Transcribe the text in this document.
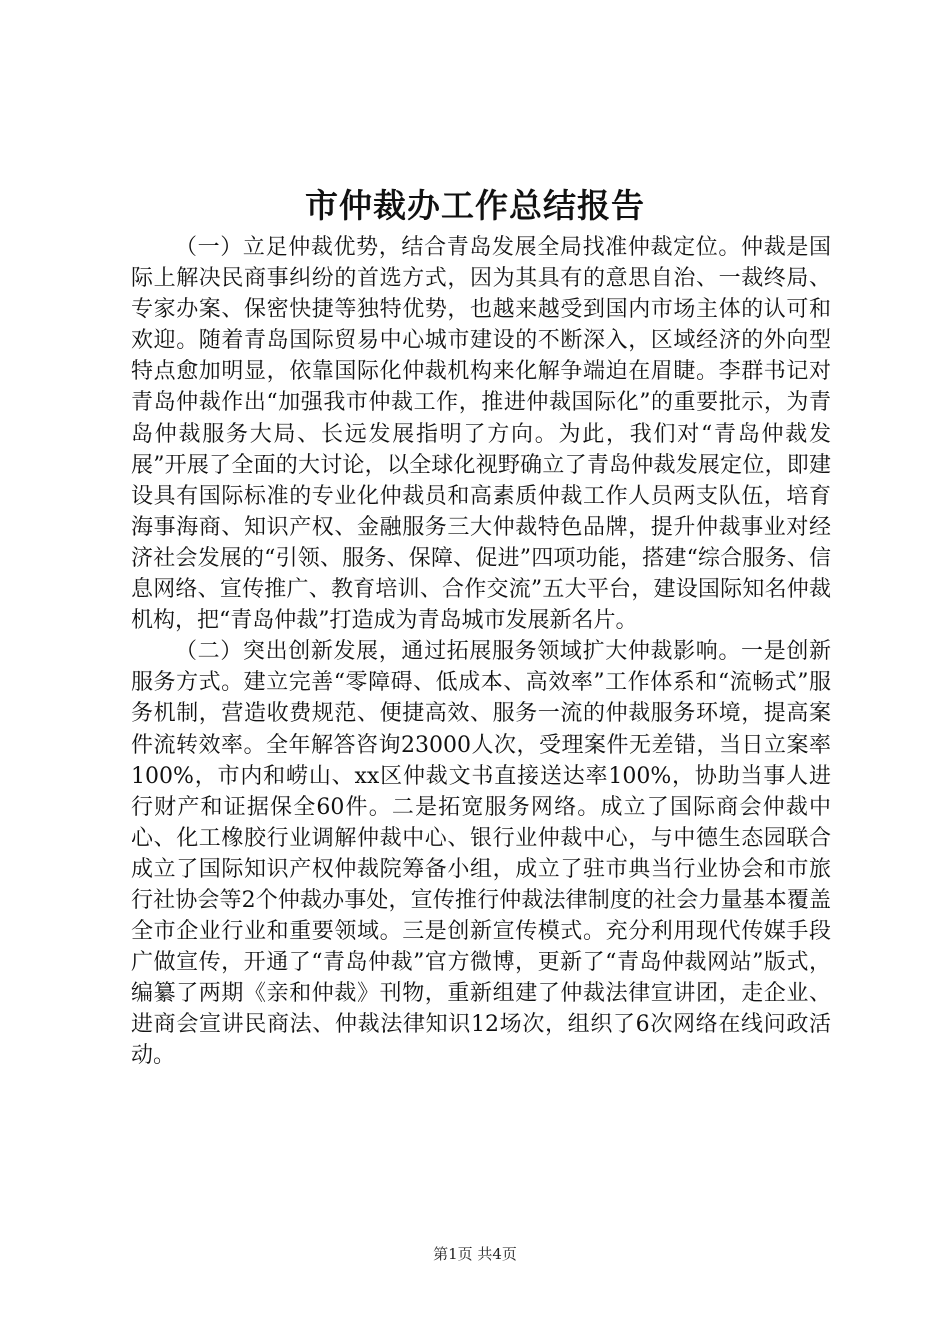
市仲裁办工作总结报告

（一）立足仲裁优势，结合青岛发展全局找准仲裁定位。仲裁是国际上解决民商事纠纷的首选方式，因为其具有的意思自治、一裁终局、专家办案、保密快捷等独特优势，也越来越受到国内市场主体的认可和欢迎。随着青岛国际贸易中心城市建设的不断深入，区域经济的外向型特点愈加明显，依靠国际化仲裁机构来化解争端迫在眉睫。李群书记对青岛仲裁作出“加强我市仲裁工作，推进仲裁国际化”的重要批示，为青岛仲裁服务大局、长远发展指明了方向。为此，我们对“青岛仲裁发展”开展了全面的大讨论，以全球化视野确立了青岛仲裁发展定位，即建设具有国际标准的专业化仲裁员和高素质仲裁工作人员两支队伍，培育海事海商、知识产权、金融服务三大仲裁特色品牌，提升仲裁事业对经济社会发展的“引领、服务、保障、促进”四项功能，搭建“综合服务、信息网络、宣传推广、教育培训、合作交流”五大平台，建设国际知名仲裁机构，把“青岛仲裁”打造成为青岛城市发展新名片。

（二）突出创新发展，通过拓展服务领域扩大仲裁影响。一是创新服务方式。建立完善“零障碍、低成本、高效率”工作体系和“流畅式”服务机制，营造收费规范、便捷高效、服务一流的仲裁服务环境，提高案件流转效率。全年解答咨询23000人次，受理案件无差错，当日立案率100%，市内和崂山、xx区仲裁文书直接送达率100%，协助当事人进行财产和证据保全60件。二是拓宽服务网络。成立了国际商会仲裁中心、化工橡胶行业调解仲裁中心、银行业仲裁中心，与中德生态园联合成立了国际知识产权仲裁院筹备小组，成立了驻市典当行业协会和市旅行社协会等2个仲裁办事处，宣传推行仲裁法律制度的社会力量基本覆盖全市企业行业和重要领域。三是创新宣传模式。充分利用现代传媒手段广做宣传，开通了“青岛仲裁”官方微博，更新了“青岛仲裁网站”版式，编纂了两期《亲和仲裁》刊物，重新组建了仲裁法律宣讲团，走企业、进商会宣讲民商法、仲裁法律知识12场次，组织了6次网络在线问政活动。

第1页 共4页
